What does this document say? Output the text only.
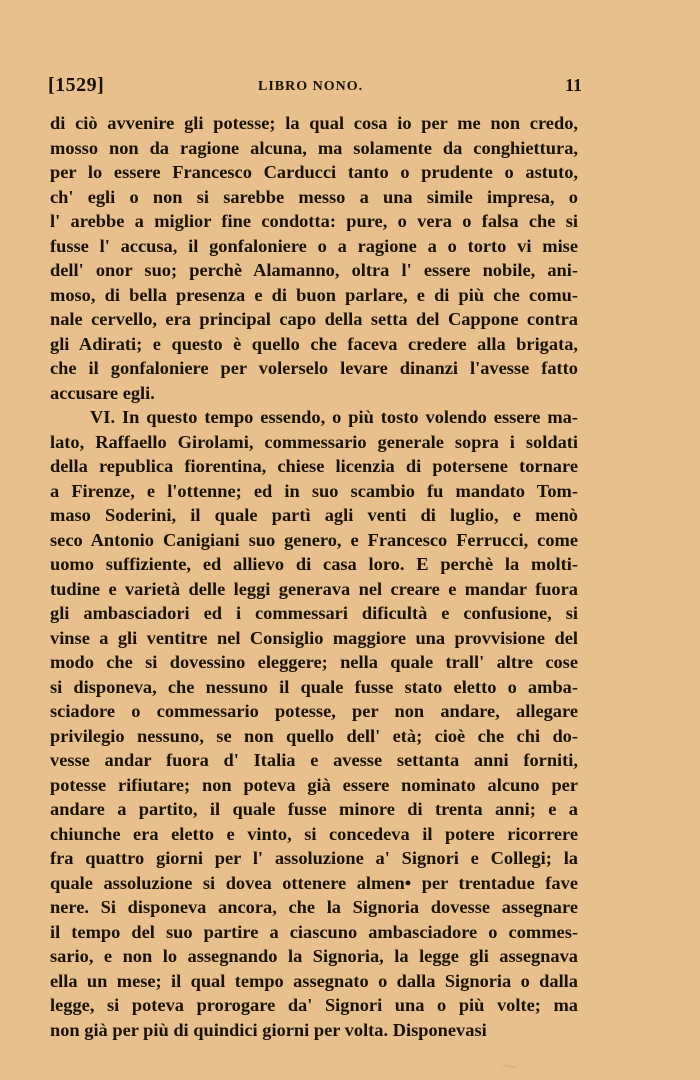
[1529]	LIBRO NONO.	11
di ciò avvenire gli potesse; la qual cosa io per me non credo,
mosso non da ragione alcuna, ma solamente da conghiettura,
per lo essere Francesco Carducci tanto o prudente o astuto,
ch' egli o non si sarebbe messo a una simile impresa, o
l' arebbe a miglior fine condotta: pure, o vera o falsa che si
fusse l' accusa, il gonfaloniere o a ragione a o torto vi mise
dell' onor suo; perchè Alamanno, oltra l' essere nobile, ani-
moso, di bella presenza e di buon parlare, e di più che comu-
nale cervello, era principal capo della setta del Cappone contra
gli Adirati; e questo è quello che faceva credere alla brigata,
che il gonfaloniere per volerselo levare dinanzi l'avesse fatto
accusare egli.
VI. In questo tempo essendo, o più tosto volendo essere ma-
lato, Raffaello Girolami, commessario generale sopra i soldati
della republica fiorentina, chiese licenzia di potersene tornare
a Firenze, e l'ottenne; ed in suo scambio fu mandato Tom-
maso Soderini, il quale partì agli venti di luglio, e menò
seco Antonio Canigiani suo genero, e Francesco Ferrucci, come
uomo suffiziente, ed allievo di casa loro. E perchè la molti-
tudine e varietà delle leggi generava nel creare e mandar fuora
gli ambasciadori ed i commessari dificultà e confusione, si
vinse a gli ventitre nel Consiglio maggiore una provvisione del
modo che si dovessino eleggere; nella quale trall' altre cose
si disponeva, che nessuno il quale fusse stato eletto o amba-
sciadore o commessario potesse, per non andare, allegare
privilegio nessuno, se non quello dell' età; cioè che chi do-
vesse andar fuora d' Italia e avesse settanta anni forniti,
potesse rifiutare; non poteva già essere nominato alcuno per
andare a partito, il quale fusse minore di trenta anni; e a
chiunche era eletto e vinto, si concedeva il potere ricorrere
fra quattro giorni per l' assoluzione a' Signori e Collegi; la
quale assoluzione si dovea ottenere almen• per trentadue fave
nere. Si disponeva ancora, che la Signoria dovesse assegnare
il tempo del suo partire a ciascuno ambasciadore o commes-
sario, e non lo assegnando la Signoria, la legge gli assegnava
ella un mese; il qual tempo assegnato o dalla Signoria o dalla
legge, si poteva prorogare da' Signori una o più volte; ma
non già per più di quindici giorni per volta. Disponevasi
~
